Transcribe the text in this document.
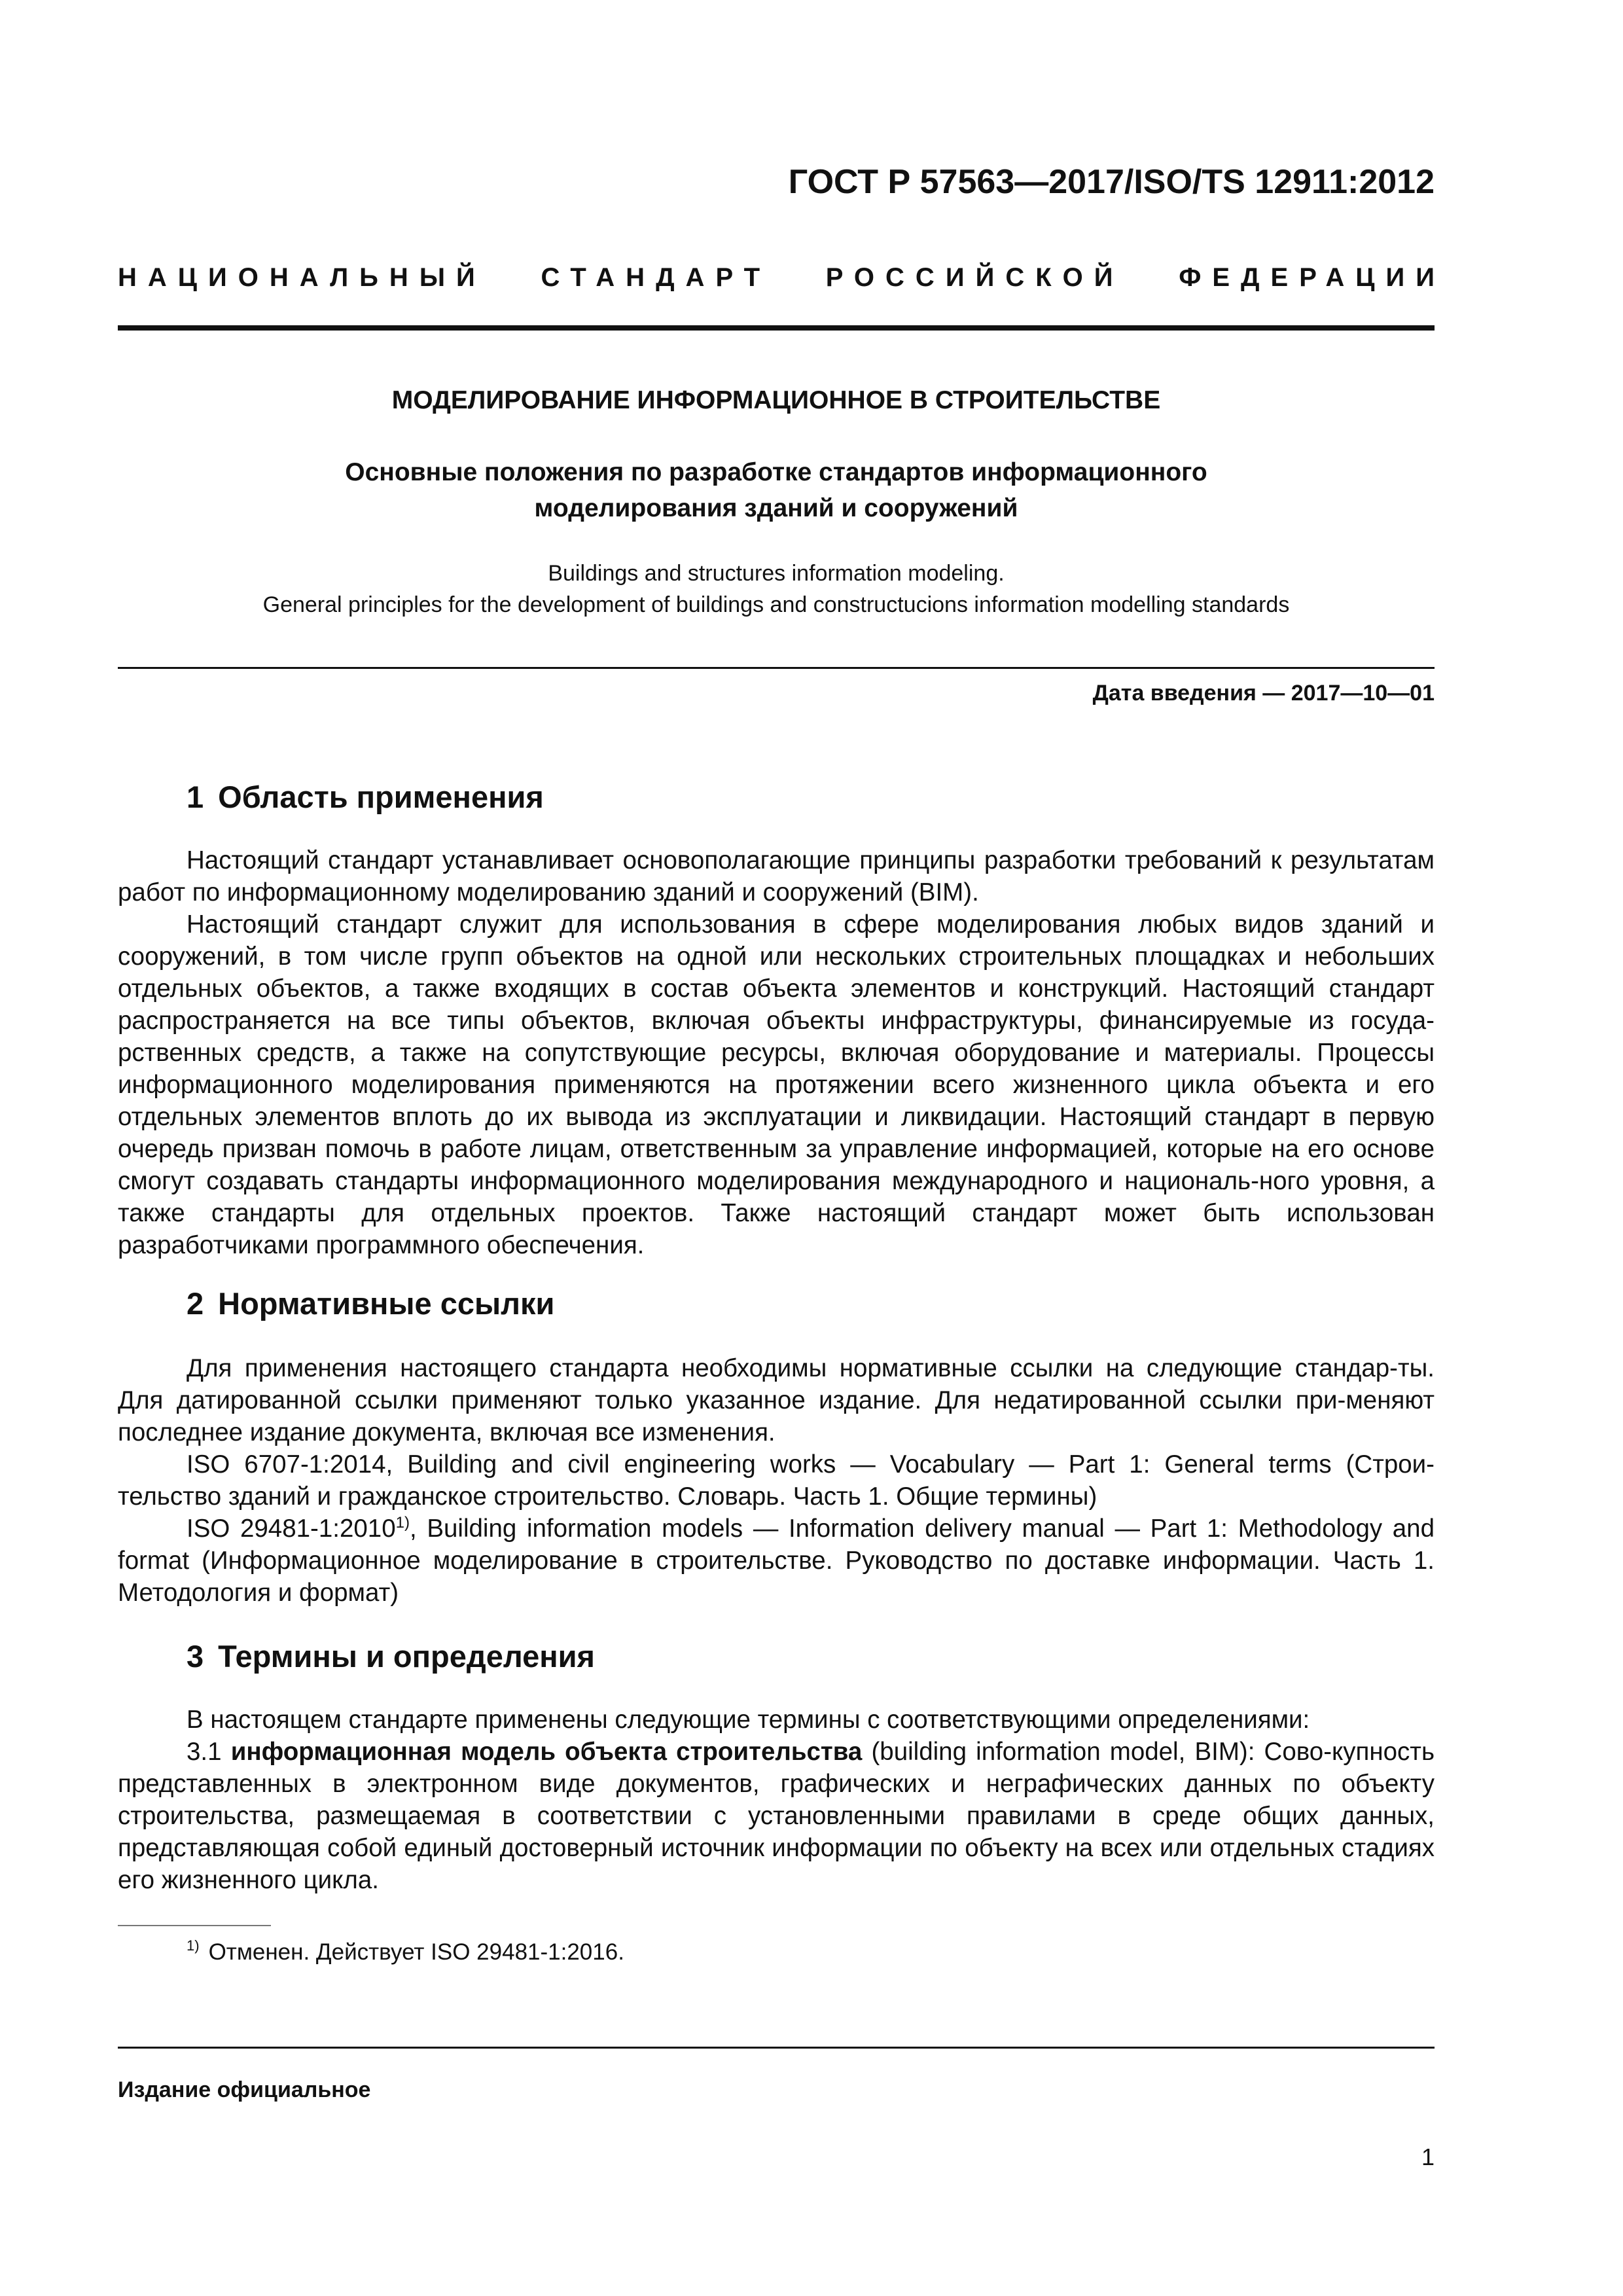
ГОСТ Р 57563—2017/ISO/TS 12911:2012
НАЦИОНАЛЬНЫЙ СТАНДАРТ РОССИЙСКОЙ ФЕДЕРАЦИИ
МОДЕЛИРОВАНИЕ ИНФОРМАЦИОННОЕ В СТРОИТЕЛЬСТВЕ
Основные положения по разработке стандартов информационного
моделирования зданий и сооружений
Buildings and structures information modeling.
General principles for the development of buildings and constructucions information modelling standards
Дата введения — 2017—10—01
1 Область применения

Настоящий стандарт устанавливает основополагающие принципы разработки требований к результатам работ по информационному моделированию зданий и сооружений (BIM).

Настоящий стандарт служит для использования в сфере моделирования любых видов зданий и сооружений, в том числе групп объектов на одной или нескольких строительных площадках и небольших отдельных объектов, а также входящих в состав объекта элементов и конструкций. Настоящий стандарт распространяется на все типы объектов, включая объекты инфраструктуры, финансируемые из госуда-рственных средств, а также на сопутствующие ресурсы, включая оборудование и материалы. Процессы информационного моделирования применяются на протяжении всего жизненного цикла объекта и его отдельных элементов вплоть до их вывода из эксплуатации и ликвидации. Настоящий стандарт в первую очередь призван помочь в работе лицам, ответственным за управление информацией, которые на его основе смогут создавать стандарты информационного моделирования международного и националь-ного уровня, а также стандарты для отдельных проектов. Также настоящий стандарт может быть использован разработчиками программного обеспечения.

2 Нормативные ссылки

Для применения настоящего стандарта необходимы нормативные ссылки на следующие стандар-ты. Для датированной ссылки применяют только указанное издание. Для недатированной ссылки при-меняют последнее издание документа, включая все изменения.

ISO 6707-1:2014, Building and civil engineering works — Vocabulary — Part 1: General terms (Строи-тельство зданий и гражданское строительство. Словарь. Часть 1. Общие термины)

ISO 29481-1:2010$^{1)}$, Building information models — Information delivery manual — Part 1: Methodology and format (Информационное моделирование в строительстве. Руководство по доставке информации. Часть 1. Методология и формат)

3 Термины и определения

В настоящем стандарте применены следующие термины с соответствующими определениями:

3.1 информационная модель объекта строительства (building information model, BIM): Сово-купность представленных в электронном виде документов, графических и неграфических данных по объекту строительства, размещаемая в соответствии с установленными правилами в среде общих данных, представляющая собой единый достоверный источник информации по объекту на всех или отдельных стадиях его жизненного цикла.

$^{1)}$ Отменен. Действует ISO 29481-1:2016.
Издание официальное
1
